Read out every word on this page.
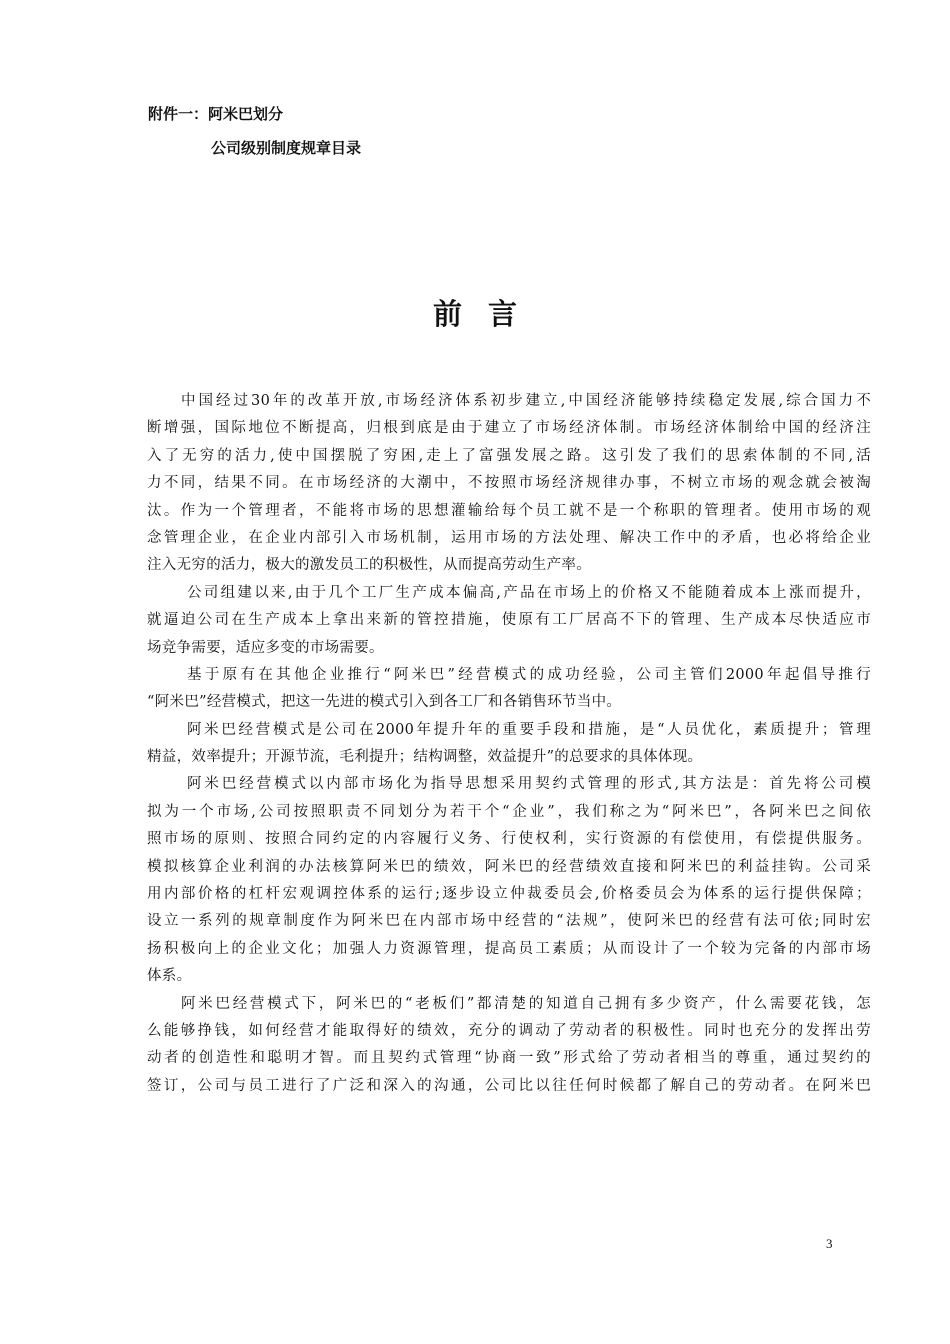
附件一：阿米巴划分
公司级别制度规章目录
前言
中国经过30年的改革开放,市场经济体系初步建立,中国经济能够持续稳定发展,综合国力不
断增强，国际地位不断提高，归根到底是由于建立了市场经济体制。市场经济体制给中国的经济注
入了无穷的活力,使中国摆脱了穷困,走上了富强发展之路。这引发了我们的思索体制的不同,活
力不同，结果不同。在市场经济的大潮中，不按照市场经济规律办事，不树立市场的观念就会被淘
汰。作为一个管理者，不能将市场的思想灌输给每个员工就不是一个称职的管理者。使用市场的观
念管理企业，在企业内部引入市场机制，运用市场的方法处理、解决工作中的矛盾，也必将给企业
注入无穷的活力，极大的激发员工的积极性，从而提高劳动生产率。
公司组建以来,由于几个工厂生产成本偏高,产品在市场上的价格又不能随着成本上涨而提升，
就逼迫公司在生产成本上拿出来新的管控措施，使原有工厂居高不下的管理、生产成本尽快适应市
场竞争需要，适应多变的市场需要。
基于原有在其他企业推行“阿米巴”经营模式的成功经验，公司主管们2000年起倡导推行
“阿米巴”经营模式，把这一先进的模式引入到各工厂和各销售环节当中。
阿米巴经营模式是公司在2000年提升年的重要手段和措施，是“人员优化，素质提升；管理
精益，效率提升；开源节流，毛利提升；结构调整，效益提升”的总要求的具体体现。
阿米巴经营模式以内部市场化为指导思想采用契约式管理的形式,其方法是：首先将公司模
拟为一个市场,公司按照职责不同划分为若干个“企业”，我们称之为“阿米巴”，各阿米巴之间依
照市场的原则、按照合同约定的内容履行义务、行使权利，实行资源的有偿使用，有偿提供服务。
模拟核算企业利润的办法核算阿米巴的绩效，阿米巴的经营绩效直接和阿米巴的利益挂钩。公司采
用内部价格的杠杆宏观调控体系的运行;逐步设立仲裁委员会,价格委员会为体系的运行提供保障；
设立一系列的规章制度作为阿米巴在内部市场中经营的“法规”，使阿米巴的经营有法可依;同时宏
扬积极向上的企业文化；加强人力资源管理，提高员工素质；从而设计了一个较为完备的内部市场
体系。
阿米巴经营模式下，阿米巴的“老板们”都清楚的知道自己拥有多少资产，什么需要花钱，怎
么能够挣钱，如何经营才能取得好的绩效，充分的调动了劳动者的积极性。同时也充分的发挥出劳
动者的创造性和聪明才智。而且契约式管理“协商一致”形式给了劳动者相当的尊重，通过契约的
签订，公司与员工进行了广泛和深入的沟通，公司比以往任何时候都了解自己的劳动者。在阿米巴
3
